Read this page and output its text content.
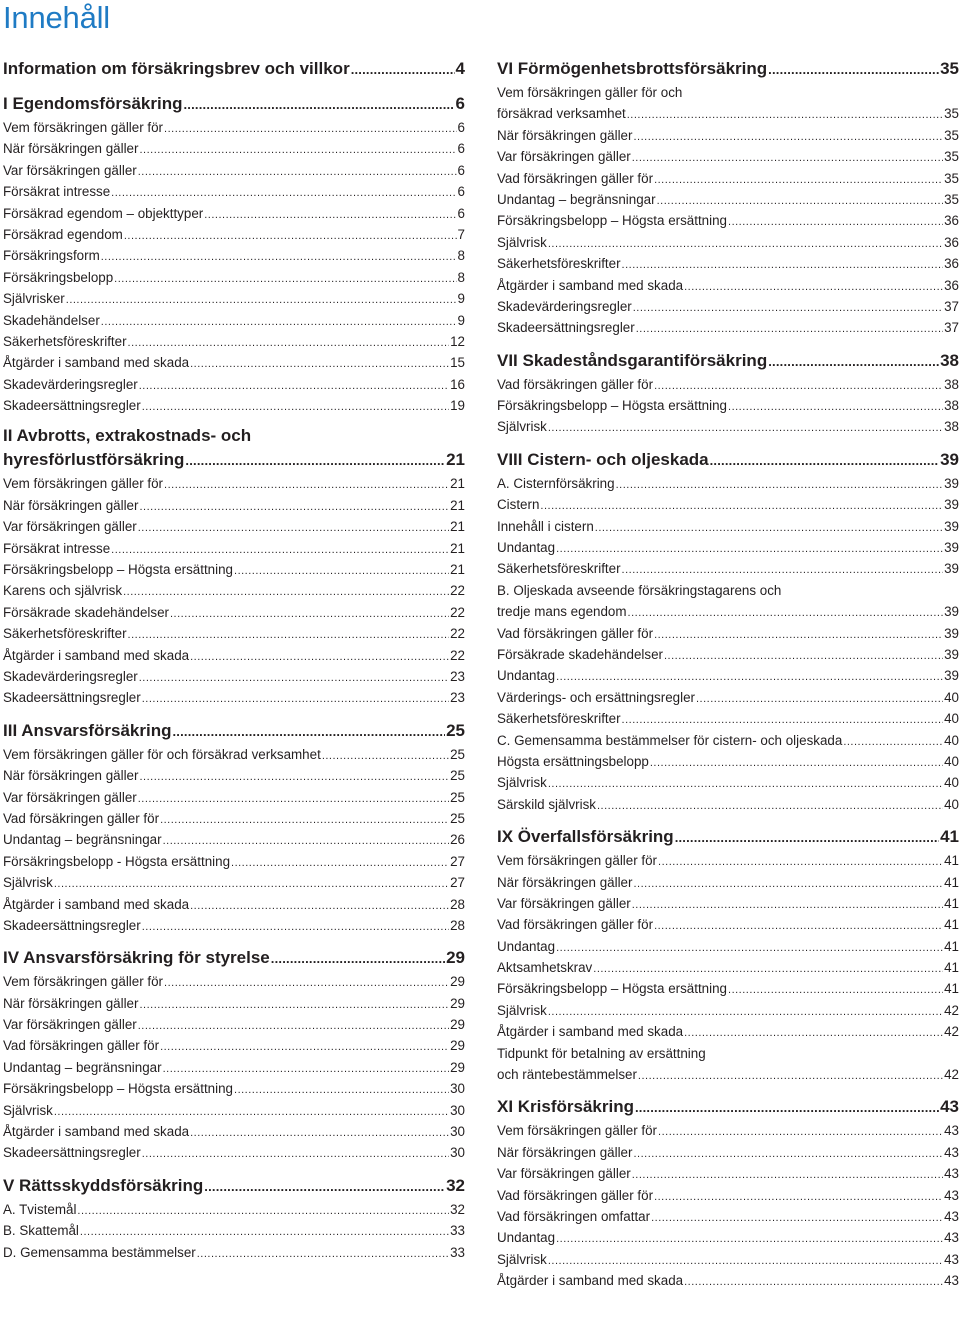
Innehåll
Information om försäkringsbrev och villkor .....	4
I Egendomsförsäkring .....	6
Vem försäkringen gäller för .....	6
När försäkringen gäller .....	6
Var försäkringen gäller .....	6
Försäkrat intresse .....	6
Försäkrad egendom – objekttyper .....	6
Försäkrad egendom .....	7
Försäkringsform .....	8
Försäkringsbelopp .....	8
Självrisker .....	9
Skadehändelser .....	9
Säkerhetsföreskrifter .....	12
Åtgärder i samband med skada .....	15
Skadevärderingsregler .....	16
Skadeersättningsregler .....	19
II Avbrotts, extrakostnads- och
hyresförlustförsäkring .....	21
Vem försäkringen gäller för .....	21
När försäkringen gäller .....	21
Var försäkringen gäller .....	21
Försäkrat intresse .....	21
Försäkringsbelopp – Högsta ersättning .....	21
Karens och självrisk .....	22
Försäkrade skadehändelser .....	22
Säkerhetsföreskrifter .....	22
Åtgärder i samband med skada .....	22
Skadevärderingsregler .....	23
Skadeersättningsregler .....	23
III Ansvarsförsäkring .....	25
Vem försäkringen gäller för och försäkrad verksamhet .....	25
När försäkringen gäller .....	25
Var försäkringen gäller .....	25
Vad försäkringen gäller för .....	25
Undantag – begränsningar .....	26
Försäkringsbelopp - Högsta ersättning .....	27
Självrisk .....	27
Åtgärder i samband med skada .....	28
Skadeersättningsregler .....	28
IV Ansvarsförsäkring för styrelse .....	29
Vem försäkringen gäller för .....	29
När försäkringen gäller .....	29
Var försäkringen gäller .....	29
Vad försäkringen gäller för .....	29
Undantag – begränsningar .....	29
Försäkringsbelopp – Högsta ersättning .....	30
Självrisk .....	30
Åtgärder i samband med skada .....	30
Skadeersättningsregler .....	30
V Rättsskyddsförsäkring .....	32
A. Tvistemål .....	32
B. Skattemål .....	33
D. Gemensamma bestämmelser .....	33
VI Förmögenhetsbrottsförsäkring .....	35
Vem försäkringen gäller för och
försäkrad verksamhet .....	35
När försäkringen gäller .....	35
Var försäkringen gäller .....	35
Vad försäkringen gäller för .....	35
Undantag – begränsningar .....	35
Försäkringsbelopp – Högsta ersättning .....	36
Självrisk .....	36
Säkerhetsföreskrifter .....	36
Åtgärder i samband med skada .....	36
Skadevärderingsregler .....	37
Skadeersättningsregler .....	37
VII Skadeståndsgarantiförsäkring .....	38
Vad försäkringen gäller för .....	38
Försäkringsbelopp – Högsta ersättning .....	38
Självrisk .....	38
VIII Cistern- och oljeskada .....	39
A. Cisternförsäkring .....	39
Cistern .....	39
Innehåll i cistern .....	39
Undantag .....	39
Säkerhetsföreskrifter .....	39
B. Oljeskada avseende försäkringstagarens och
tredje mans egendom .....	39
Vad försäkringen gäller för .....	39
Försäkrade skadehändelser .....	39
Undantag .....	39
Värderings- och ersättningsregler .....	40
Säkerhetsföreskrifter .....	40
C. Gemensamma bestämmelser för cistern- och oljeskada .....	40
Högsta ersättningsbelopp .....	40
Självrisk .....	40
Särskild självrisk .....	40
IX Överfallsförsäkring .....	41
Vem försäkringen gäller för .....	41
När försäkringen gäller .....	41
Var försäkringen gäller .....	41
Vad försäkringen gäller för .....	41
Undantag .....	41
Aktsamhetskrav .....	41
Försäkringsbelopp – Högsta ersättning .....	41
Självrisk .....	42
Åtgärder i samband med skada .....	42
Tidpunkt för betalning av ersättning
och räntebestämmelser .....	42
XI Krisförsäkring .....	43
Vem försäkringen gäller för .....	43
När försäkringen gäller .....	43
Var försäkringen gäller .....	43
Vad försäkringen gäller för .....	43
Vad försäkringen omfattar .....	43
Undantag .....	43
Självrisk .....	43
Åtgärder i samband med skada .....	43
